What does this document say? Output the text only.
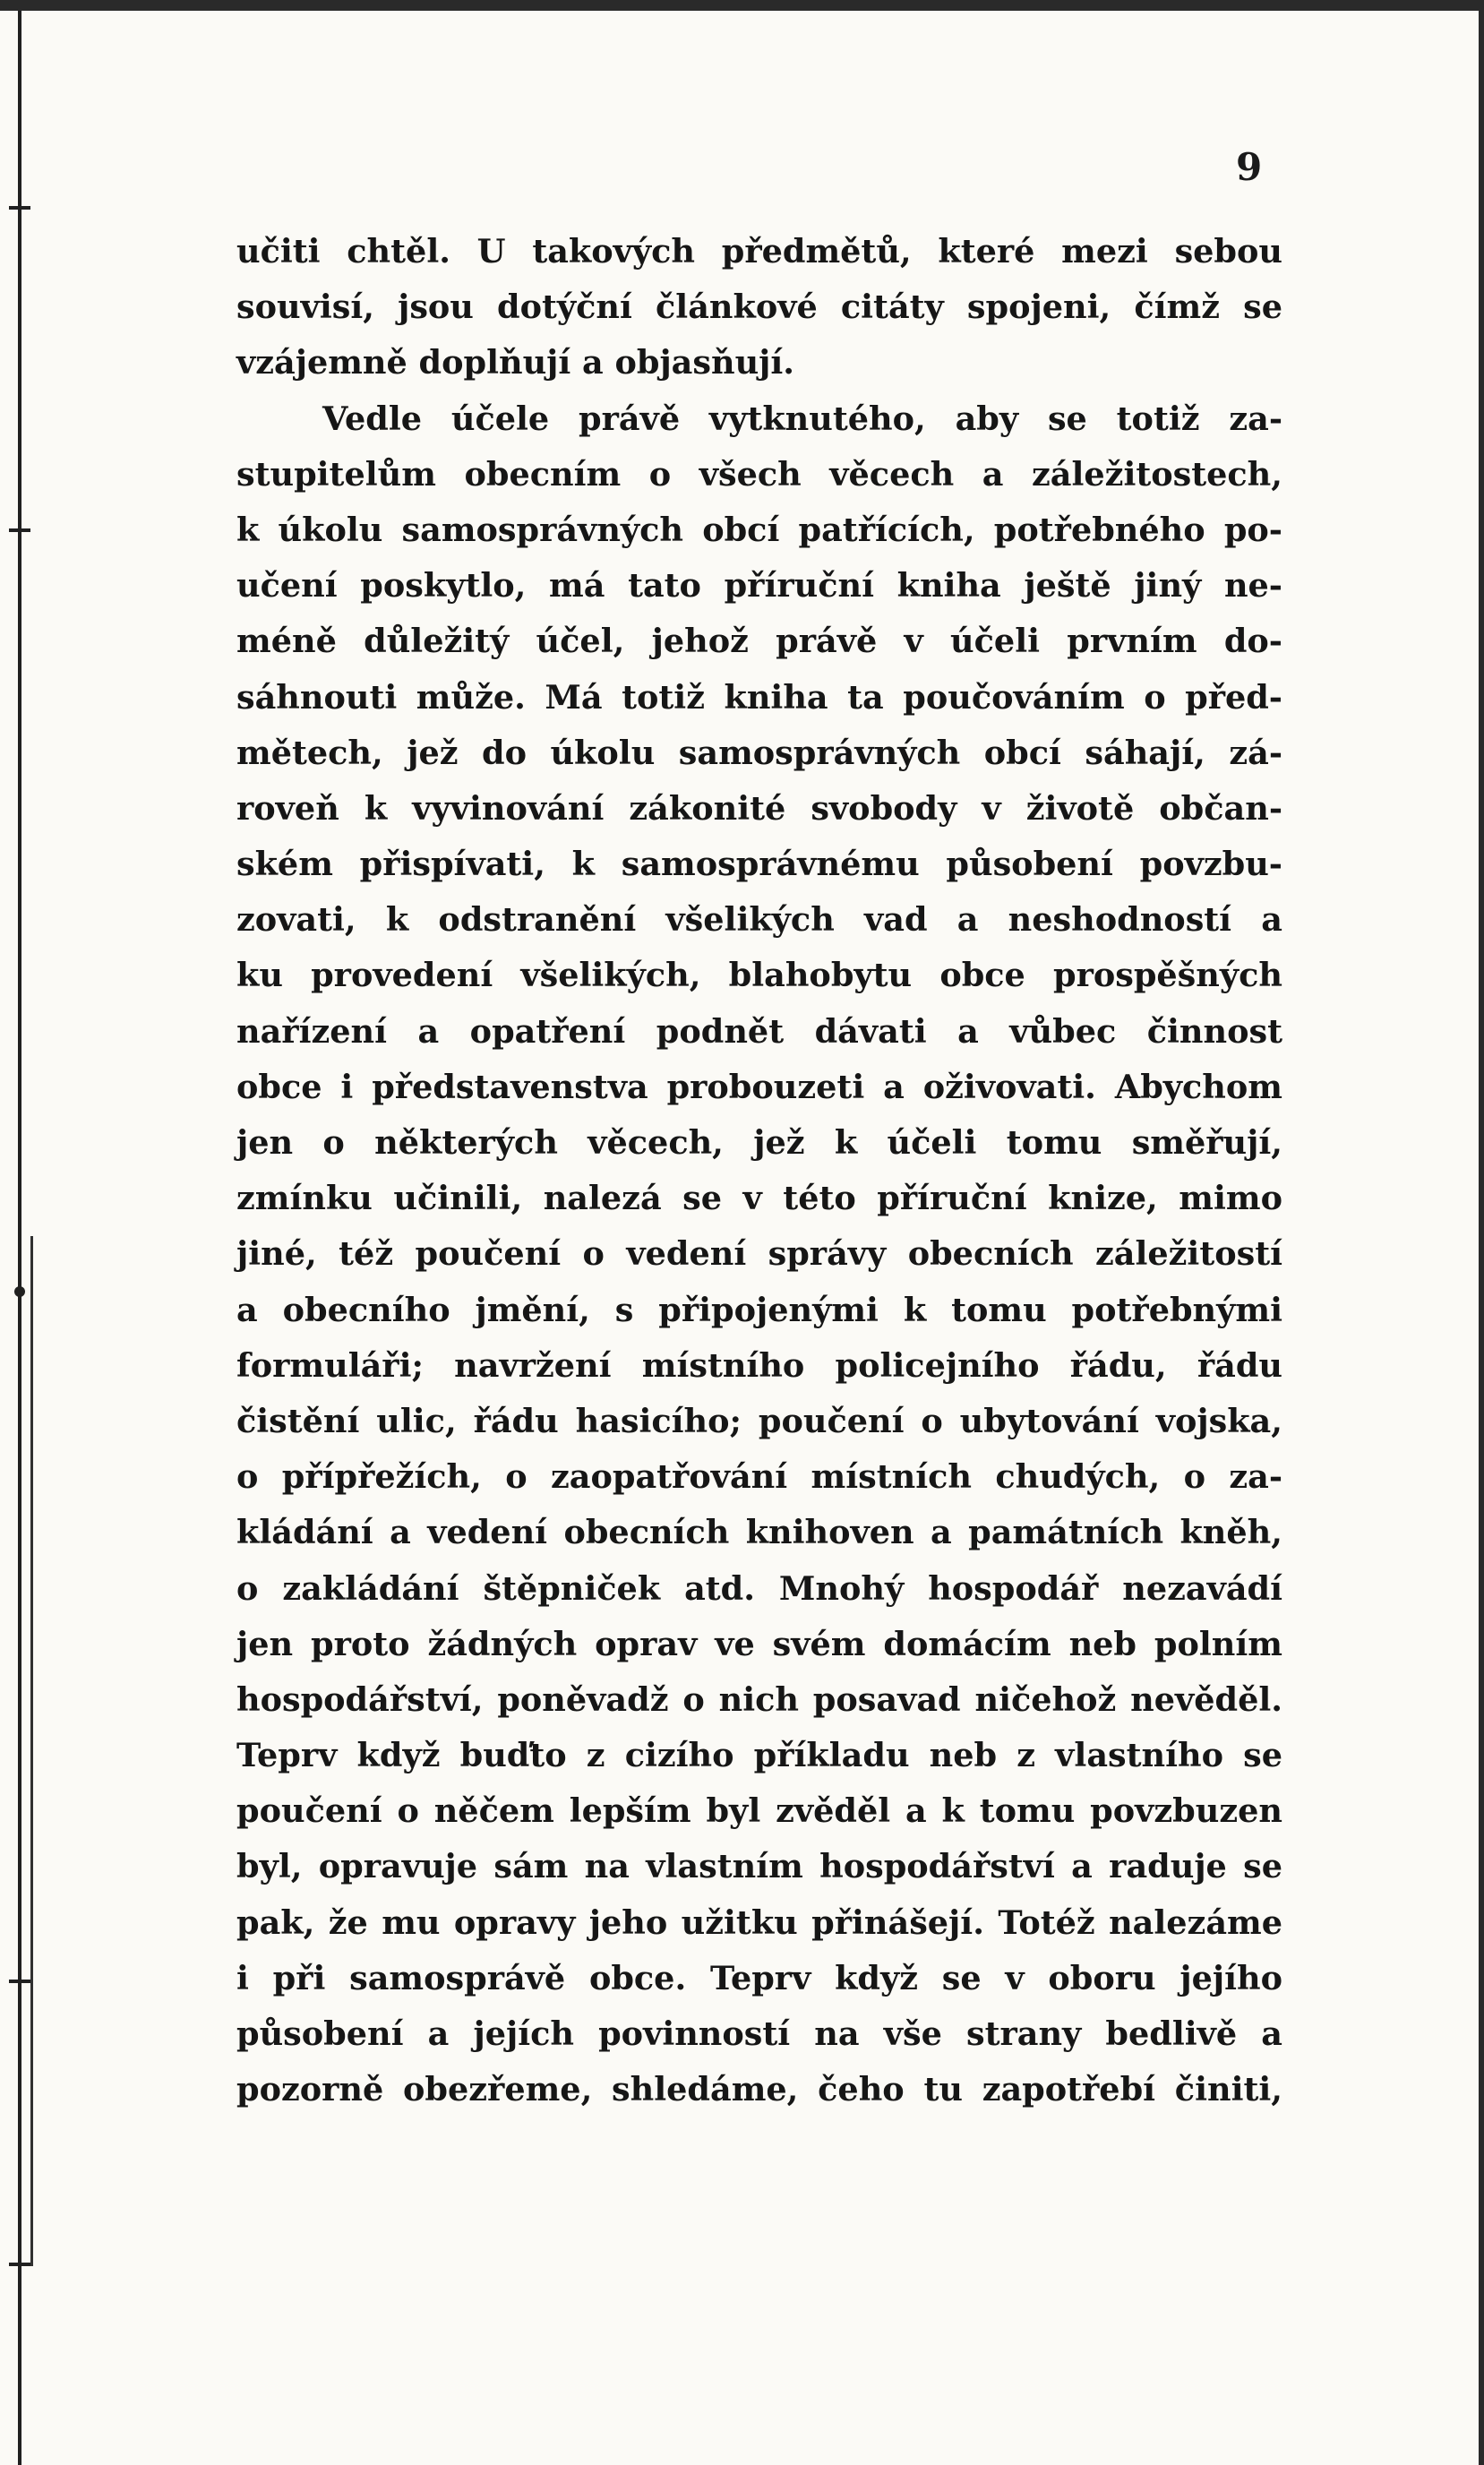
9
učiti chtěl. U takových předmětů, které mezi sebou
souvisí, jsou dotýční článkové citáty spojeni, čímž se
vzájemně doplňují a objasňují.
Vedle účele právě vytknutého, aby se totiž za-
stupitelům obecním o všech věcech a záležitostech,
k úkolu samosprávných obcí patřících, potřebného po-
učení poskytlo, má tato příruční kniha ještě jiný ne-
méně důležitý účel, jehož právě v účeli prvním do-
sáhnouti může. Má totiž kniha ta poučováním o před-
mětech, jež do úkolu samosprávných obcí sáhají, zá-
roveň k vyvinování zákonité svobody v životě občan-
ském přispívati, k samosprávnému působení povzbu-
zovati, k odstranění všelikých vad a neshodností a
ku provedení všelikých, blahobytu obce prospěšných
nařízení a opatření podnět dávati a vůbec činnost
obce i představenstva probouzeti a oživovati. Abychom
jen o některých věcech, jež k účeli tomu směřují,
zmínku učinili, nalezá se v této příruční knize, mimo
jiné, též poučení o vedení správy obecních záležitostí
a obecního jmění, s připojenými k tomu potřebnými
formuláři; navržení místního policejního řádu, řádu
čistění ulic, řádu hasicího; poučení o ubytování vojska,
o přípřežích, o zaopatřování místních chudých, o za-
kládání a vedení obecních knihoven a památních kněh,
o zakládání štěpniček atd. Mnohý hospodář nezavádí
jen proto žádných oprav ve svém domácím neb polním
hospodářství, poněvadž o nich posavad ničehož nevěděl.
Teprv když buďto z cizího příkladu neb z vlastního se
poučení o něčem lepším byl zvěděl a k tomu povzbuzen
byl, opravuje sám na vlastním hospodářství a raduje se
pak, že mu opravy jeho užitku přinášejí. Totéž nalezáme
i při samosprávě obce. Teprv když se v oboru jejího
působení a jejích povinností na vše strany bedlivě a
pozorně obezřeme, shledáme, čeho tu zapotřebí činiti,
